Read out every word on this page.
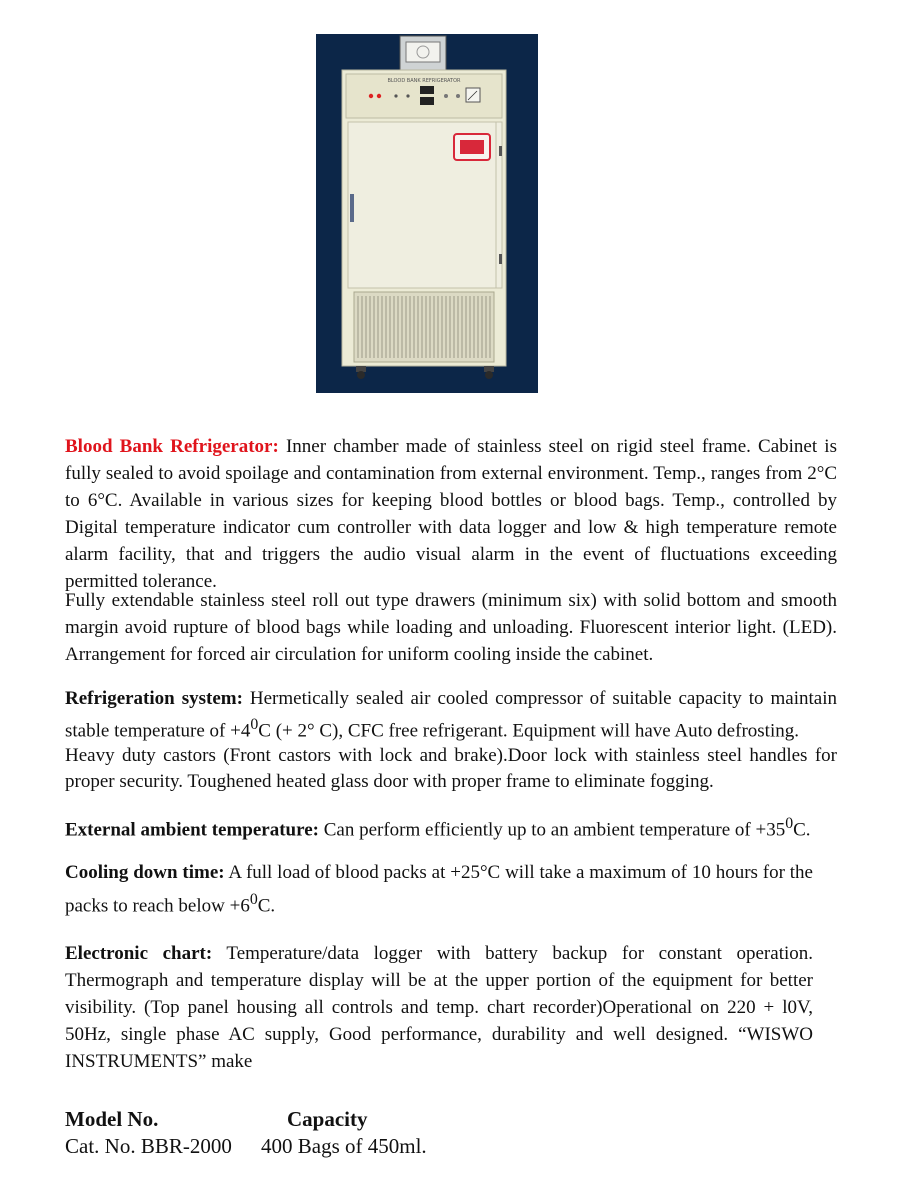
BLOOD BANK REFRIGERATOR

Blood Bank Refrigerator: Inner chamber made of stainless steel on rigid steel frame. Cabinet is fully sealed to avoid spoilage and contamination from external environment. Temp., ranges from 2°C to 6°C. Available in various sizes for keeping blood bottles or blood bags. Temp., controlled by Digital temperature indicator cum controller with data logger and low & high temperature remote alarm facility, that and triggers the audio visual alarm in the event of fluctuations exceeding permitted tolerance.

Fully extendable stainless steel roll out type drawers (minimum six) with solid bottom and smooth margin avoid rupture of blood bags while loading and unloading. Fluorescent interior light. (LED). Arrangement for forced air circulation for uniform cooling inside the cabinet.

Refrigeration system: Hermetically sealed air cooled compressor of suitable capacity to maintain stable temperature of $+4^0C$ (+ 2° C), CFC free refrigerant. Equipment will have Auto defrosting.
Heavy duty castors (Front castors with lock and brake).Door lock with stainless steel handles for proper security. Toughened heated glass door with proper frame to eliminate fogging.

External ambient temperature: Can perform efficiently up to an ambient temperature of $+35^0C$.

Cooling down time: A full load of blood packs at +25°C will take a maximum of 10 hours for the packs to reach below $+6^0C$.

Electronic chart: Temperature/data logger with battery backup for constant operation. Thermograph and temperature display will be at the upper portion of the equipment for better visibility. (Top panel housing all controls and temp. chart recorder)Operational on 220 + l0V, 50Hz, single phase AC supply, Good performance, durability and well designed. “WISWO INSTRUMENTS” make

Model No.	Capacity
Cat. No. BBR-2000	400 Bags of 450ml.
